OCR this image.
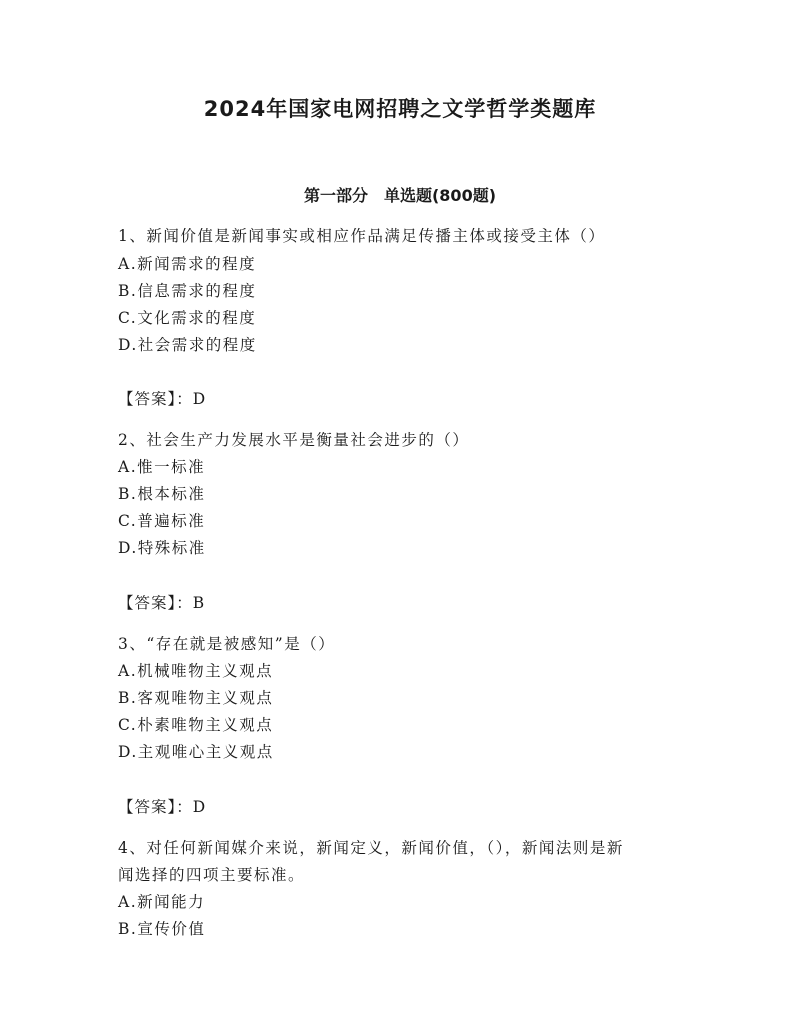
2024年国家电网招聘之文学哲学类题库
第一部分　单选题(800题)
1、新闻价值是新闻事实或相应作品满足传播主体或接受主体（）
A.新闻需求的程度
B.信息需求的程度
C.文化需求的程度
D.社会需求的程度
【答案】：D
2、社会生产力发展水平是衡量社会进步的（）
A.惟一标准
B.根本标准
C.普遍标准
D.特殊标准
【答案】：B
3、“存在就是被感知”是（）
A.机械唯物主义观点
B.客观唯物主义观点
C.朴素唯物主义观点
D.主观唯心主义观点
【答案】：D
4、对任何新闻媒介来说，新闻定义，新闻价值，（），新闻法则是新
闻选择的四项主要标准。
A.新闻能力
B.宣传价值
